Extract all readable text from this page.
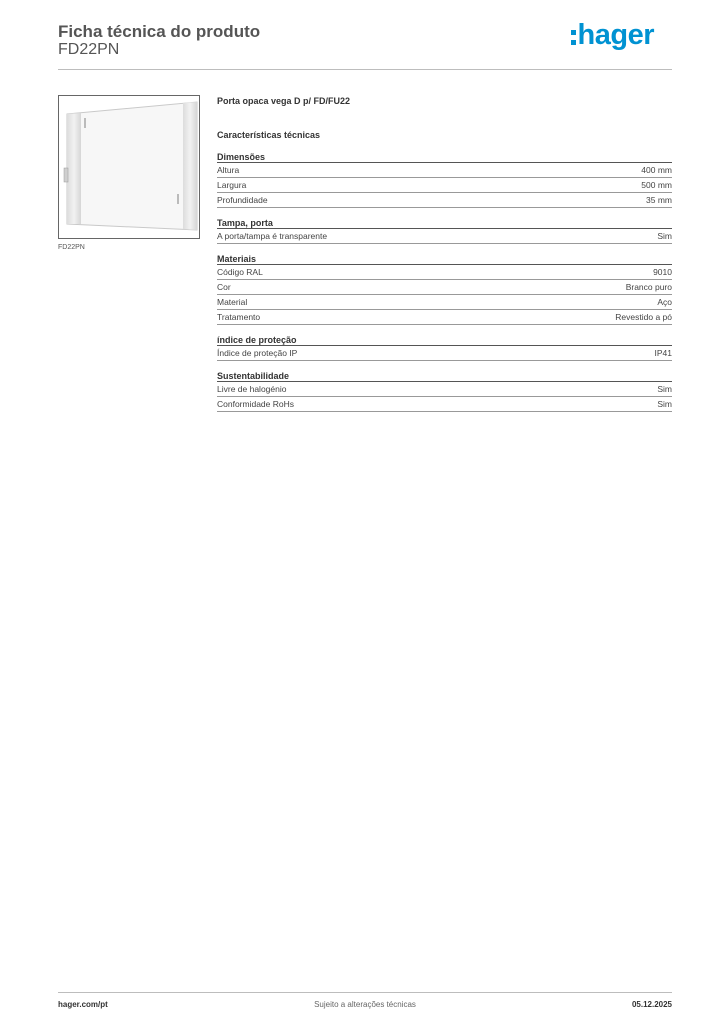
Ficha técnica do produto
FD22PN	hager
FD22PN
Porta opaca vega D p/ FD/FU22
Características técnicas
Dimensões
Altura	400 mm
Largura	500 mm
Profundidade	35 mm
Tampa, porta
A porta/tampa é transparente	Sim
Materiais
Código RAL	9010
Cor	Branco puro
Material	Aço
Tratamento	Revestido a pó
índice de proteção
Índice de proteção IP	IP41
Sustentabilidade
Livre de halogénio	Sim
Conformidade RoHs	Sim
hager.com/pt	Sujeito a alterações técnicas	05.12.2025
